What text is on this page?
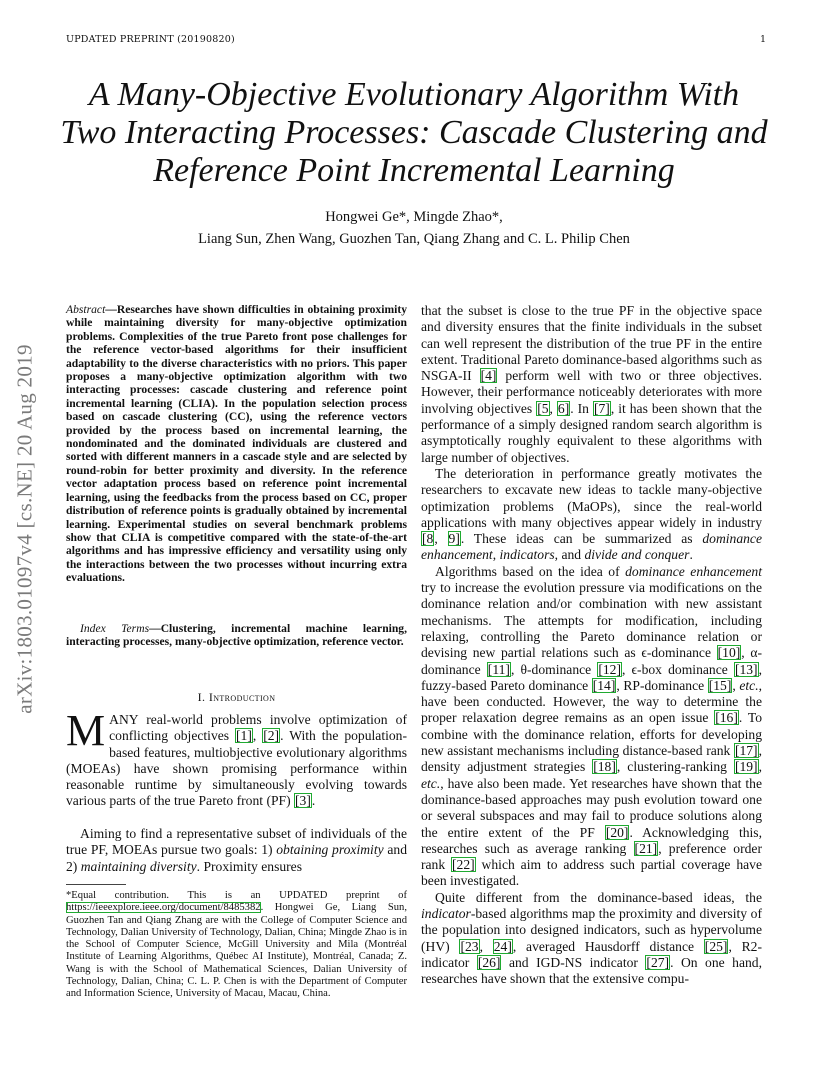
UPDATED PREPRINT (20190820)	1
arXiv:1803.01097v4 [cs.NE] 20 Aug 2019
A Many-Objective Evolutionary Algorithm With
Two Interacting Processes: Cascade Clustering and
Reference Point Incremental Learning
Hongwei Ge*, Mingde Zhao*,
Liang Sun, Zhen Wang, Guozhen Tan, Qiang Zhang and C. L. Philip Chen
Abstract—Researches have shown difficulties in obtaining proximity while maintaining diversity for many-objective optimization problems. Complexities of the true Pareto front pose challenges for the reference vector-based algorithms for their insufficient adaptability to the diverse characteristics with no priors. This paper proposes a many-objective optimization algorithm with two interacting processes: cascade clustering and reference point incremental learning (CLIA). In the population selection process based on cascade clustering (CC), using the reference vectors provided by the process based on incremental learning, the nondominated and the dominated individuals are clustered and sorted with different manners in a cascade style and are selected by round-robin for better proximity and diversity. In the reference vector adaptation process based on reference point incremental learning, using the feedbacks from the process based on CC, proper distribution of reference points is gradually obtained by incremental learning. Experimental studies on several benchmark problems show that CLIA is competitive compared with the state-of-the-art algorithms and has impressive efficiency and versatility using only the interactions between the two processes without incurring extra evaluations.
Index Terms—Clustering, incremental machine learning, interacting processes, many-objective optimization, reference vector.
I. Introduction

MANY real-world problems involve optimization of conflicting objectives [1], [2]. With the population-based features, multiobjective evolutionary algorithms (MOEAs) have shown promising performance within reasonable runtime by simultaneously evolving towards various parts of the true Pareto front (PF) [3].

Aiming to find a representative subset of individuals of the true PF, MOEAs pursue two goals: 1) obtaining proximity and 2) maintaining diversity. Proximity ensures

*Equal contribution. This is an UPDATED preprint of https://ieeexplore.ieee.org/document/8485382. Hongwei Ge, Liang Sun, Guozhen Tan and Qiang Zhang are with the College of Computer Science and Technology, Dalian University of Technology, Dalian, China; Mingde Zhao is in the School of Computer Science, McGill University and Mila (Montréal Institute of Learning Algorithms, Québec AI Institute), Montréal, Canada; Z. Wang is with the School of Mathematical Sciences, Dalian University of Technology, Dalian, China; C. L. P. Chen is with the Department of Computer and Information Science, University of Macau, Macau, China.

that the subset is close to the true PF in the objective space and diversity ensures that the finite individuals in the subset can well represent the distribution of the true PF in the entire extent. Traditional Pareto dominance-based algorithms such as NSGA-II [4] perform well with two or three objectives. However, their performance noticeably deteriorates with more involving objectives [5, 6]. In [7], it has been shown that the performance of a simply designed random search algorithm is asymptotically roughly equivalent to these algorithms with large number of objectives.

The deterioration in performance greatly motivates the researchers to excavate new ideas to tackle many-objective optimization problems (MaOPs), since the real-world applications with many objectives appear widely in industry [8, 9]. These ideas can be summarized as dominance enhancement, indicators, and divide and conquer.

Algorithms based on the idea of dominance enhancement try to increase the evolution pressure via modifications on the dominance relation and/or combination with new assistant mechanisms. The attempts for modification, including relaxing, controlling the Pareto dominance relation or devising new partial relations such as ϵ-dominance [10], α-dominance [11], θ-dominance [12], ϵ-box dominance [13], fuzzy-based Pareto dominance [14], RP-dominance [15], etc., have been conducted. However, the way to determine the proper relaxation degree remains as an open issue [16]. To combine with the dominance relation, efforts for developing new assistant mechanisms including distance-based rank [17], density adjustment strategies [18], clustering-ranking [19], etc., have also been made. Yet researches have shown that the dominance-based approaches may push evolution toward one or several subspaces and may fail to produce solutions along the entire extent of the PF [20]. Acknowledging this, researches such as average ranking [21], preference order rank [22] which aim to address such partial coverage have been investigated.

Quite different from the dominance-based ideas, the indicator-based algorithms map the proximity and diversity of the population into designed indicators, such as hypervolume (HV) [23, 24], averaged Hausdorff distance [25], R2-indicator [26] and IGD-NS indicator [27]. On one hand, researches have shown that the extensive compu-
